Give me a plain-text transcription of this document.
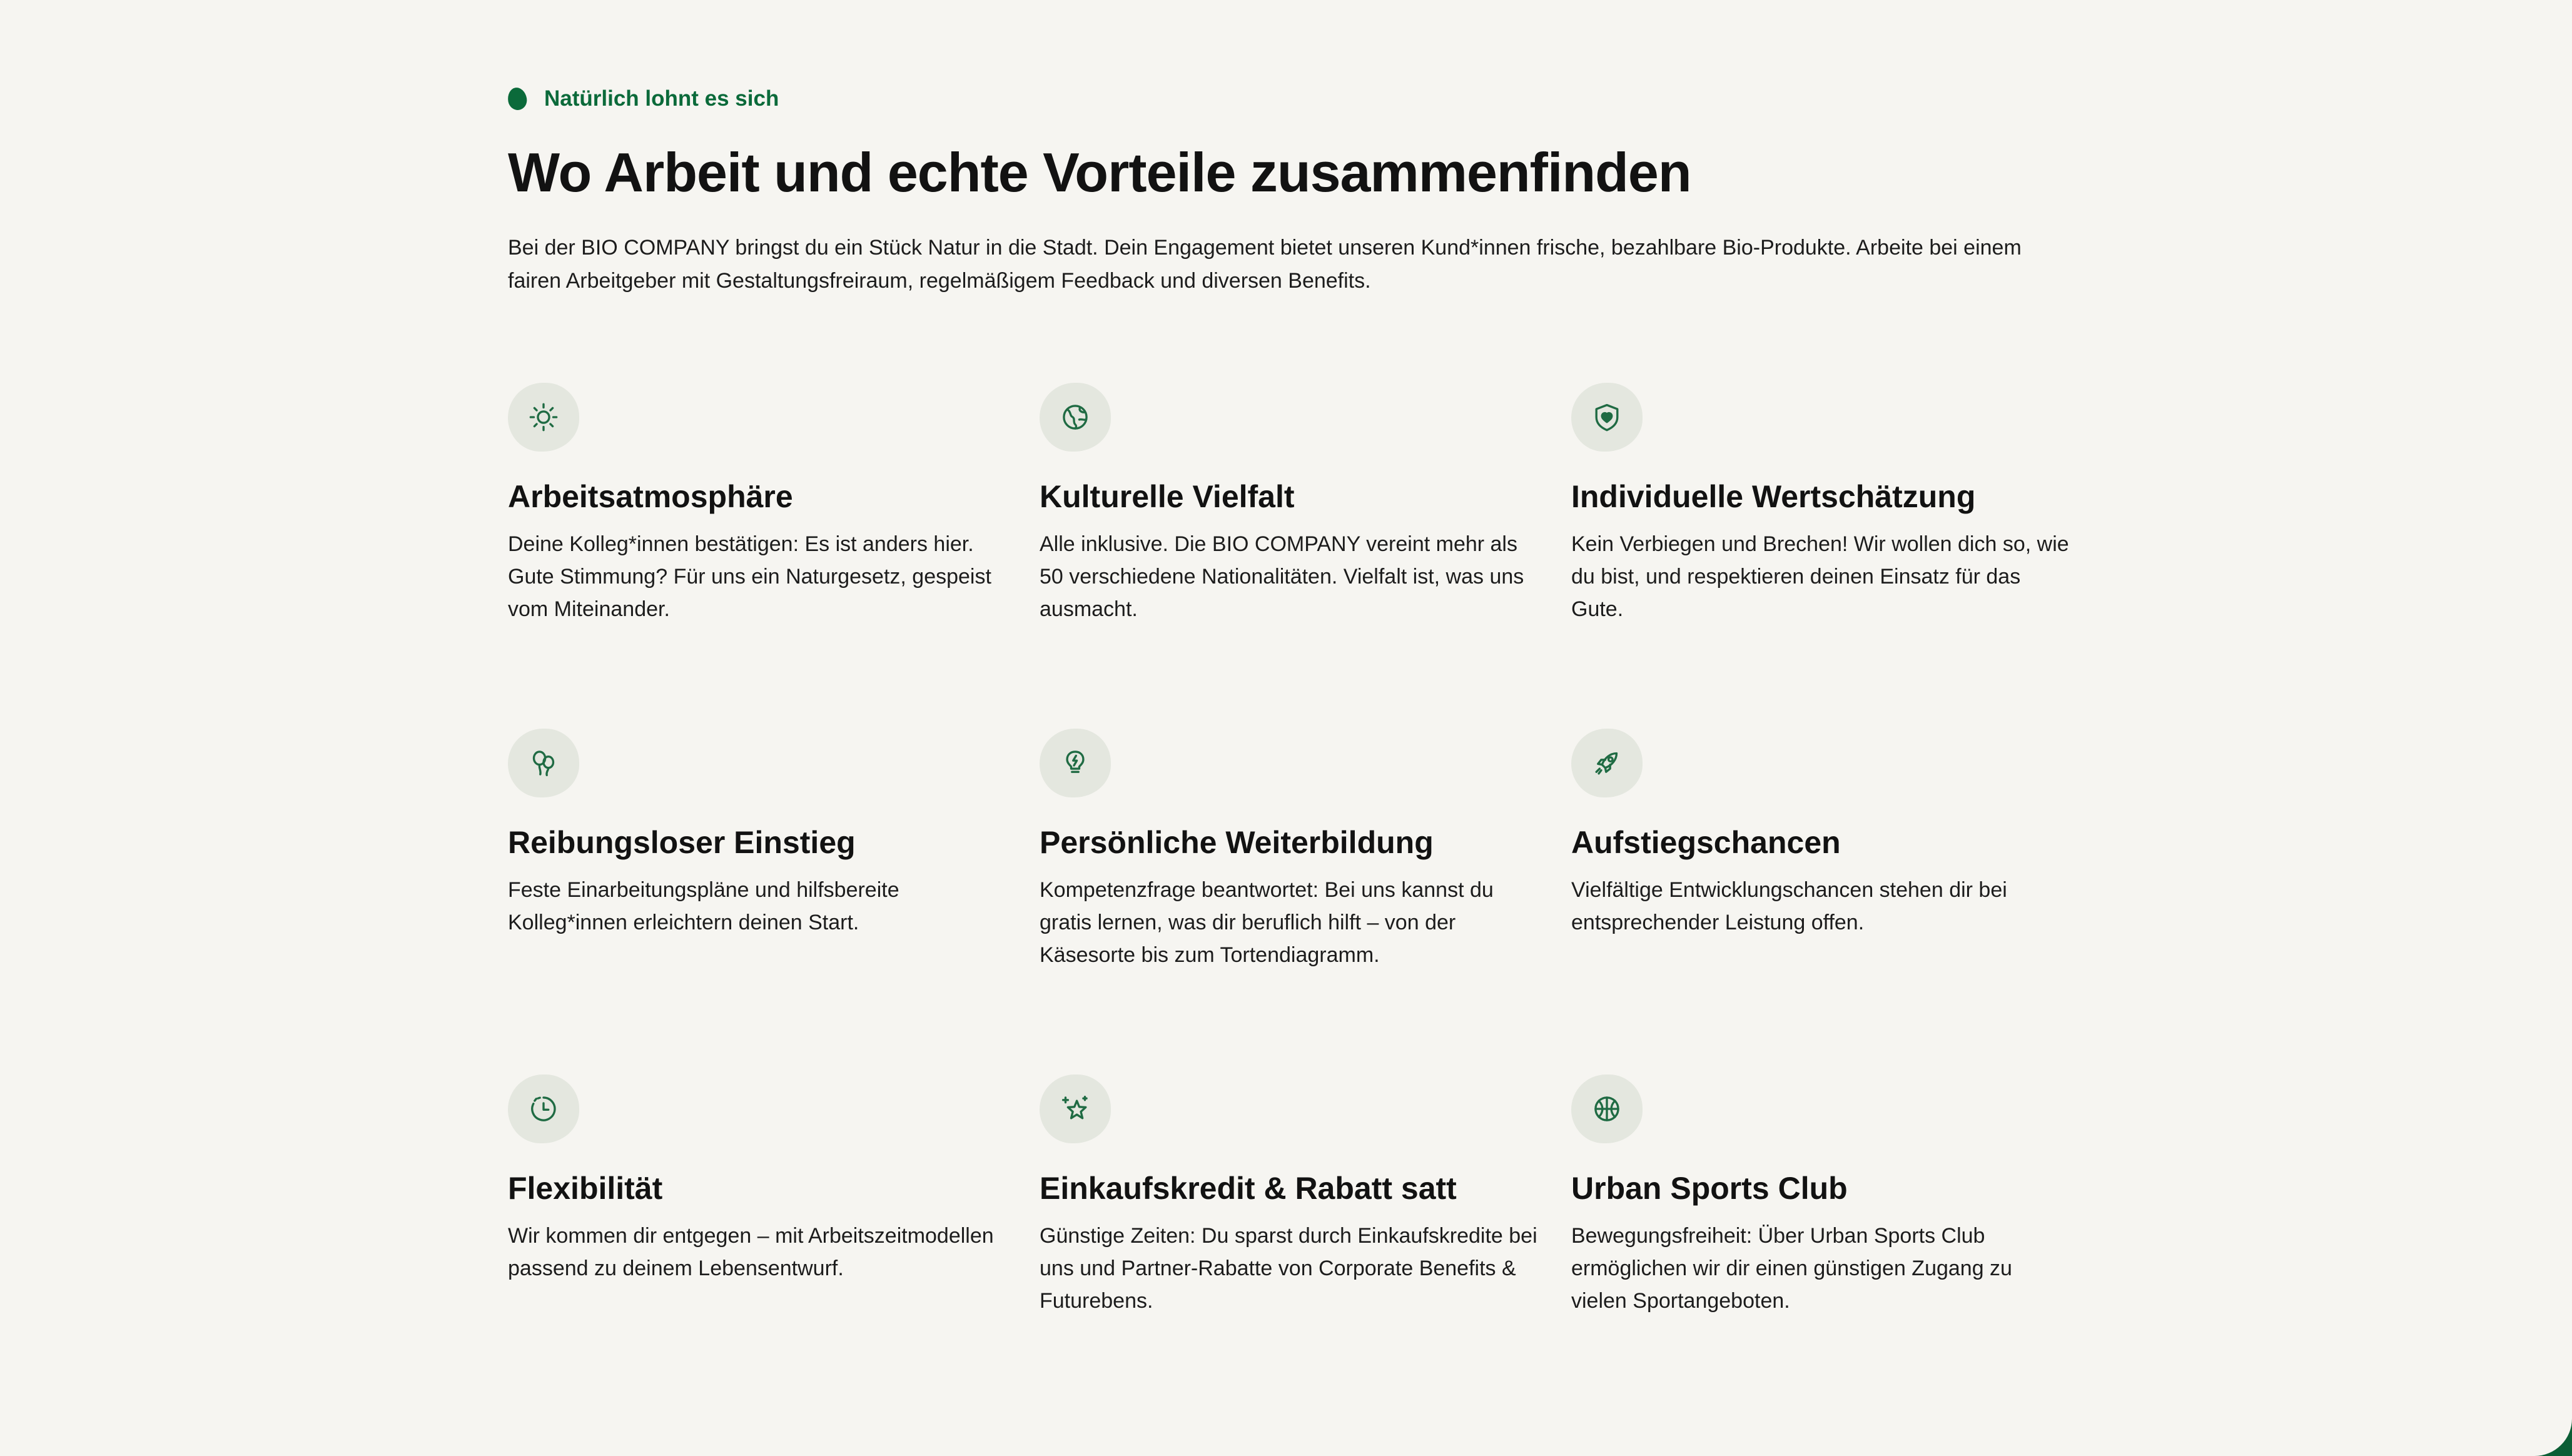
Natürlich lohnt es sich
Wo Arbeit und echte Vorteile zusammenfinden

Bei der BIO COMPANY bringst du ein Stück Natur in die Stadt. Dein Engagement bietet unseren Kund*innen frische, bezahlbare Bio-Produkte. Arbeite bei einem fairen Arbeitgeber mit Gestaltungsfreiraum, regelmäßigem Feedback und diversen Benefits.

Arbeitsatmosphäre

Deine Kolleg*innen bestätigen: Es ist anders hier. Gute Stimmung? Für uns ein Naturgesetz, gespeist vom Miteinander.

Kulturelle Vielfalt

Alle inklusive. Die BIO COMPANY vereint mehr als 50 verschiedene Nationalitäten. Vielfalt ist, was uns ausmacht.

Individuelle Wertschätzung

Kein Verbiegen und Brechen! Wir wollen dich so, wie du bist, und respektieren deinen Einsatz für das Gute.

Reibungsloser Einstieg

Feste Einarbeitungspläne und hilfsbereite Kolleg*innen erleichtern deinen Start.

Persönliche Weiterbildung

Kompetenzfrage beantwortet: Bei uns kannst du gratis lernen, was dir beruflich hilft – von der Käsesorte bis zum Tortendiagramm.

Aufstiegschancen

Vielfältige Entwicklungschancen stehen dir bei entsprechender Leistung offen.

Flexibilität

Wir kommen dir entgegen – mit Arbeitszeitmodellen passend zu deinem Lebensentwurf.

Einkaufskredit & Rabatt satt

Günstige Zeiten: Du sparst durch Einkaufskredite bei uns und Partner-Rabatte von Corporate Benefits & Futurebens.

Urban Sports Club

Bewegungsfreiheit: Über Urban Sports Club ermöglichen wir dir einen günstigen Zugang zu vielen Sportangeboten.
